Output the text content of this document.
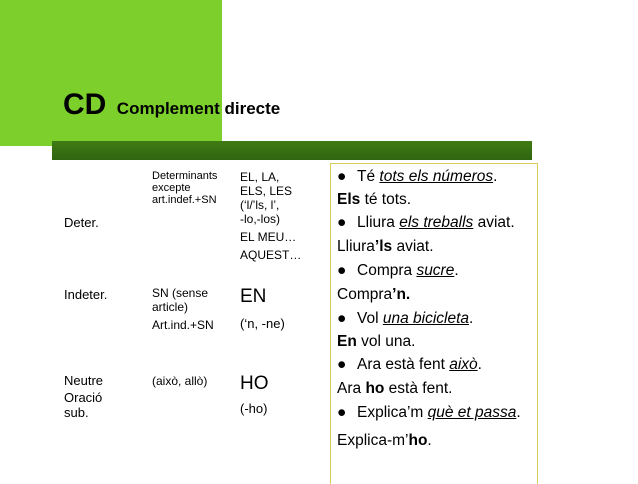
CD Complement directe
Deter.
Determinants
excepte
art.indef.+SN
EL, LA,
ELS, LES
(‘l/’ls, l’,
-lo,-los)
EL MEU…
AQUEST…
Indeter.	SN (sense
article)
Art.ind.+SN
EN
(‘n, -ne)
Neutre
Oració
sub.
(això, allò) HO
(-ho)
● Té tots els números.
Els té tots.
● Lliura els treballs aviat.
Lliura’ls aviat.
● Compra sucre.
Compra’n.
● Vol una bicicleta.
En vol una.
● Ara està fent això.
Ara ho està fent.
● Explica’m què et passa.
Explica-m’ho.
